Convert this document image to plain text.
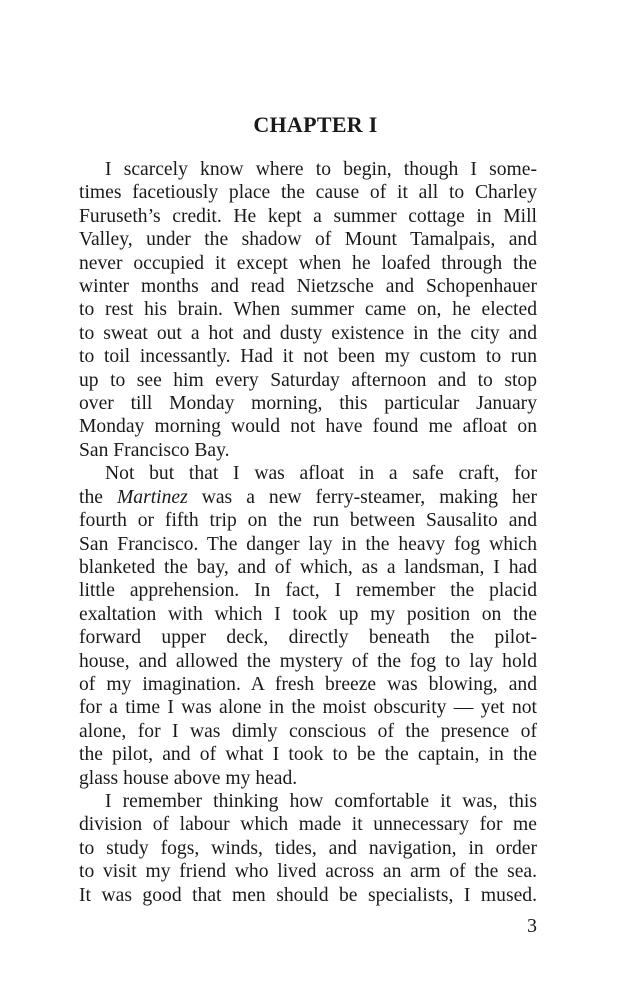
CHAPTER I
I scarcely know where to begin, though I some-
times facetiously place the cause of it all to Charley
Furuseth’s credit. He kept a summer cottage in Mill
Valley, under the shadow of Mount Tamalpais, and
never occupied it except when he loafed through the
winter months and read Nietzsche and Schopenhauer
to rest his brain. When summer came on, he elected
to sweat out a hot and dusty existence in the city and
to toil incessantly. Had it not been my custom to run
up to see him every Saturday afternoon and to stop
over till Monday morning, this particular January
Monday morning would not have found me afloat on
San Francisco Bay.
Not but that I was afloat in a safe craft, for
the Martinez was a new ferry-steamer, making her
fourth or fifth trip on the run between Sausalito and
San Francisco. The danger lay in the heavy fog which
blanketed the bay, and of which, as a landsman, I had
little apprehension. In fact, I remember the placid
exaltation with which I took up my position on the
forward upper deck, directly beneath the pilot-
house, and allowed the mystery of the fog to lay hold
of my imagination. A fresh breeze was blowing, and
for a time I was alone in the moist obscurity — yet not
alone, for I was dimly conscious of the presence of
the pilot, and of what I took to be the captain, in the
glass house above my head.
I remember thinking how comfortable it was, this
division of labour which made it unnecessary for me
to study fogs, winds, tides, and navigation, in order
to visit my friend who lived across an arm of the sea.
It was good that men should be specialists, I mused.
3
